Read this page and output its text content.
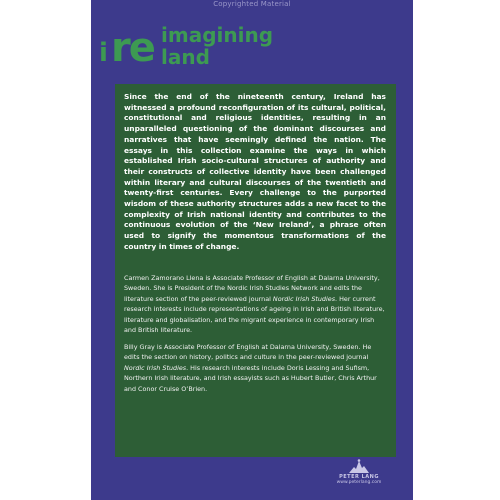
Copyrighted Material
i re imagining
land

Since the end of the nineteenth century, Ireland has witnessed a profound reconfiguration of its cultural, political, constitutional and religious identities, resulting in an unparalleled questioning of the dominant discourses and narratives that have seemingly defined the nation. The essays in this collection examine the ways in which established Irish socio-cultural structures of authority and their constructs of collective identity have been challenged within literary and cultural discourses of the twentieth and twenty-first centuries. Every challenge to the purported wisdom of these authority structures adds a new facet to the complexity of Irish national identity and contributes to the continuous evolution of the ‘New Ireland’, a phrase often used to signify the momentous transformations of the country in times of change.

Carmen Zamorano Llena is Associate Professor of English at Dalarna University, Sweden. She is President of the Nordic Irish Studies Network and edits the literature section of the peer-reviewed journal Nordic Irish Studies. Her current research interests include representations of ageing in Irish and British literature, literature and globalisation, and the migrant experience in contemporary Irish and British literature.

Billy Gray is Associate Professor of English at Dalarna University, Sweden. He edits the section on history, politics and culture in the peer-reviewed journal Nordic Irish Studies. His research interests include Doris Lessing and Sufism, Northern Irish literature, and Irish essayists such as Hubert Butler, Chris Arthur and Conor Cruise O’Brien.

PETER LANG
www.peterlang.com
